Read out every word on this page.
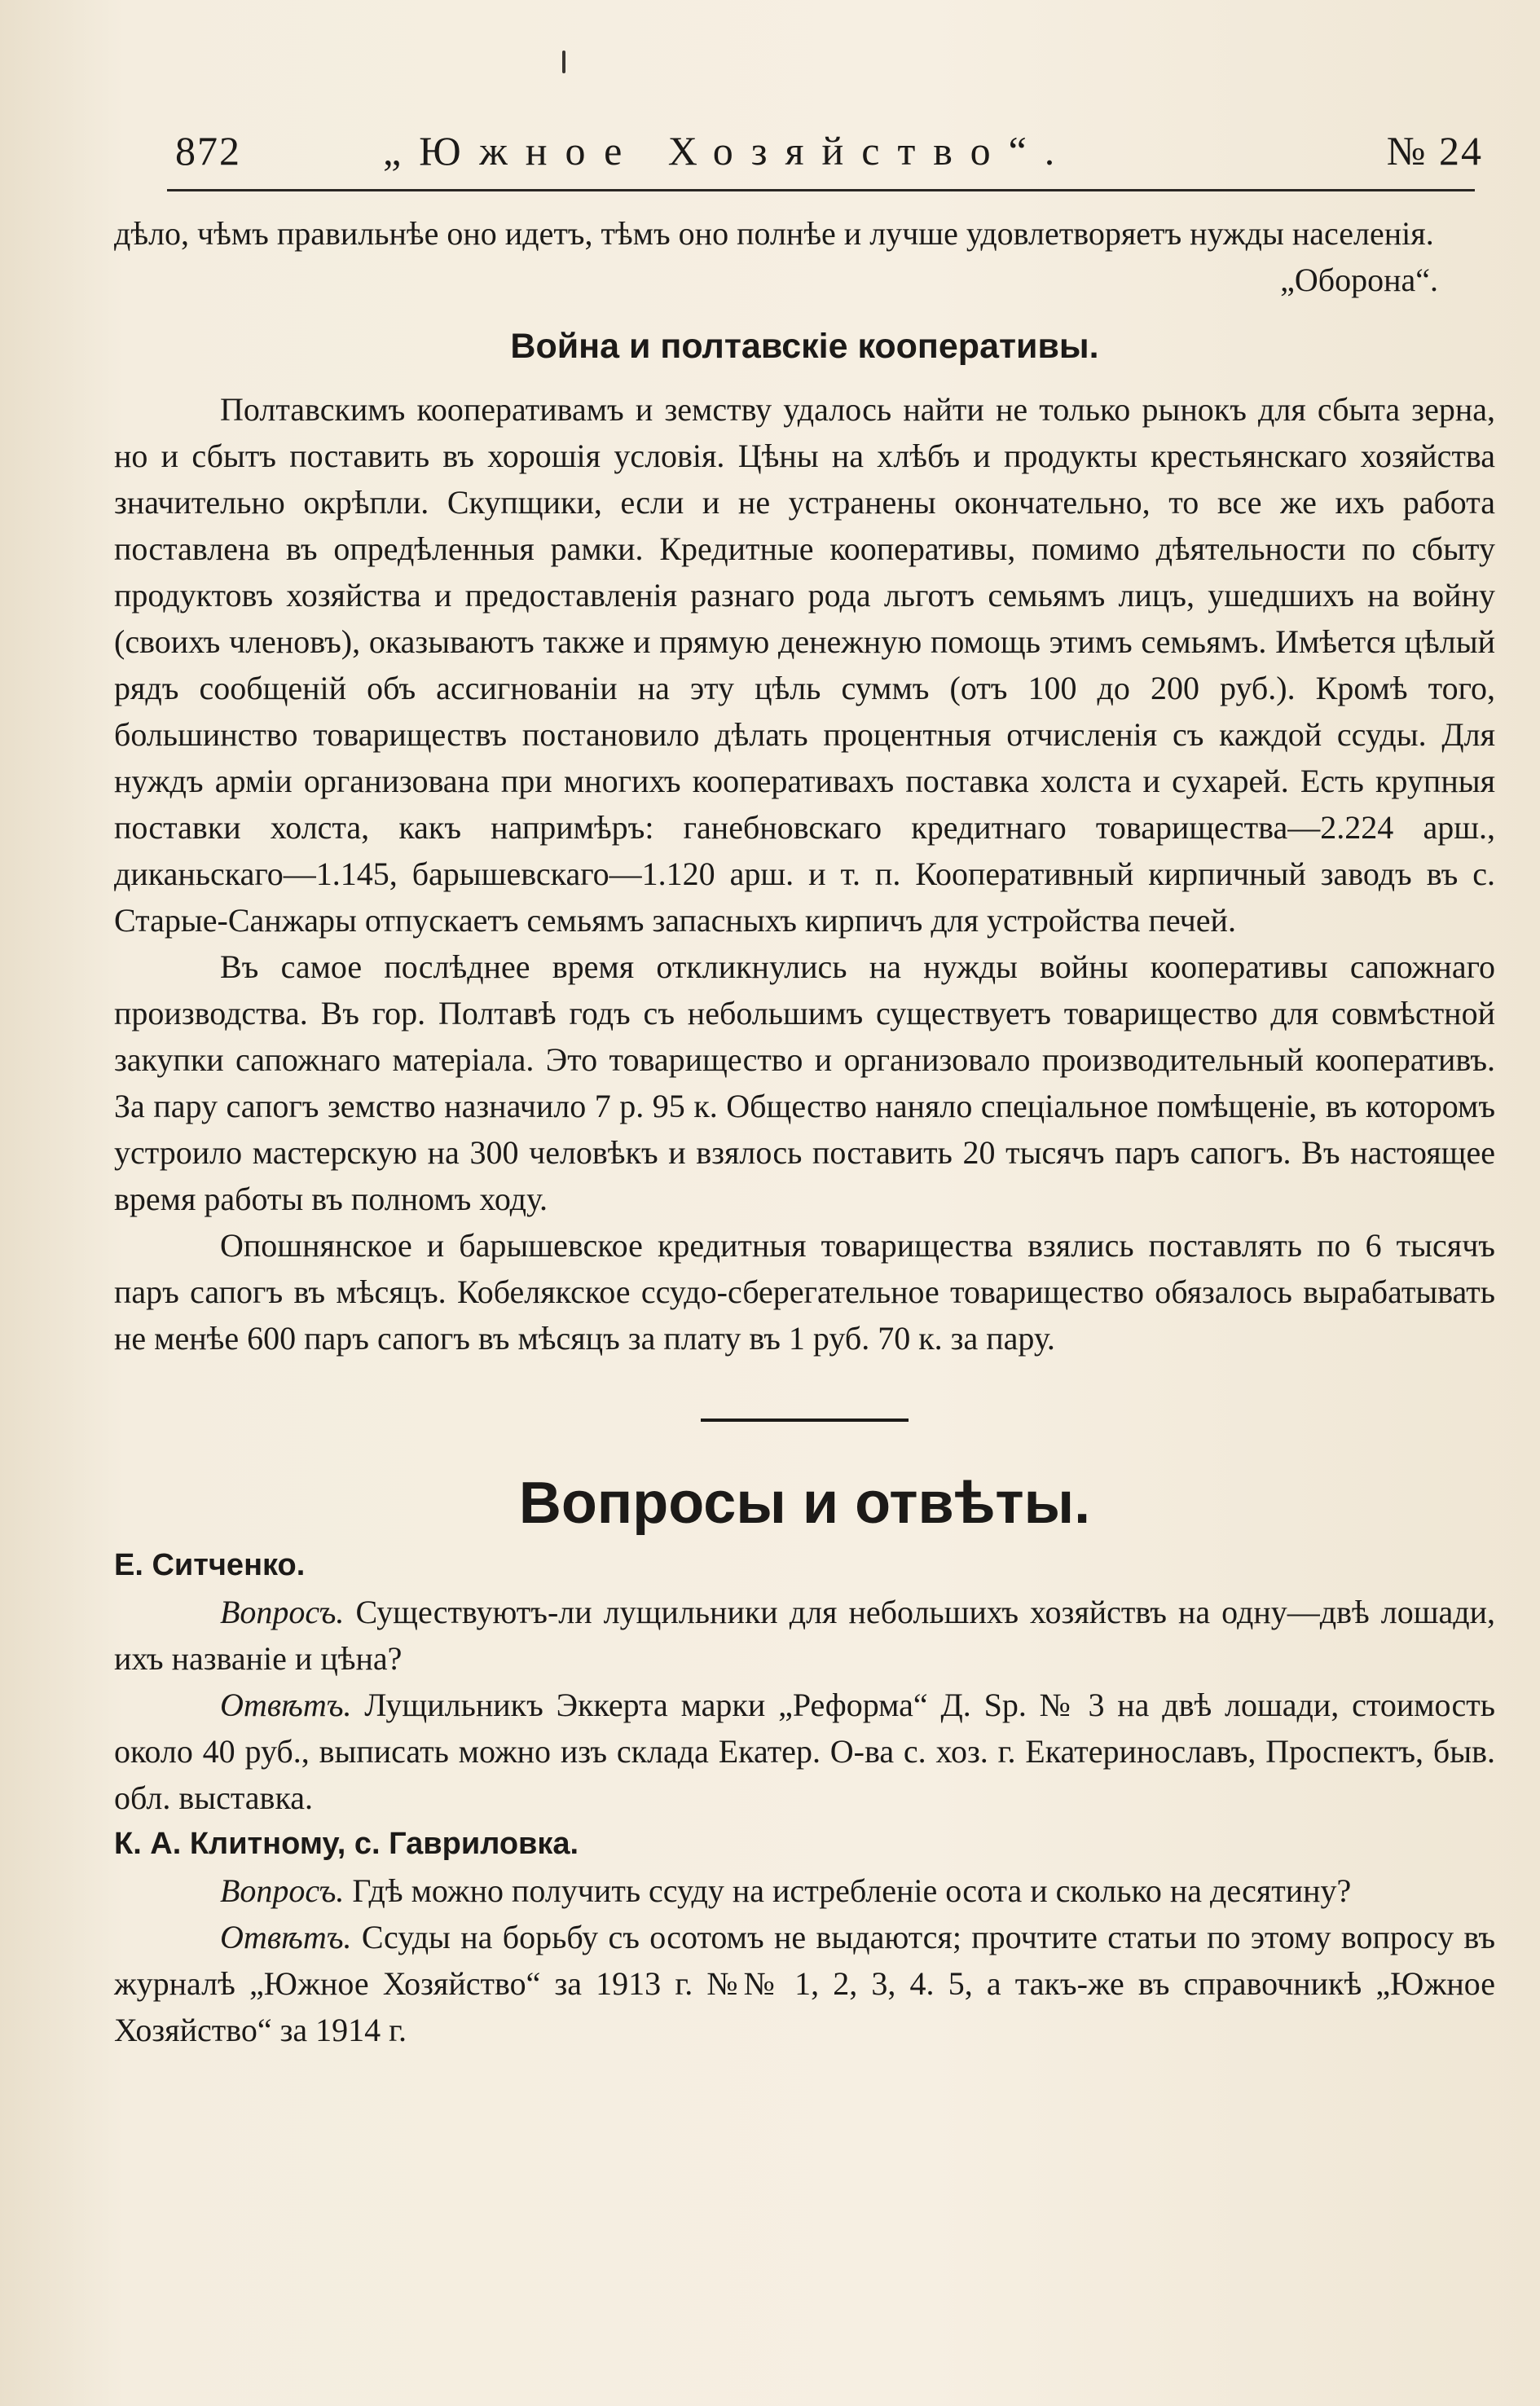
872	„Южное Хозяйство“.	№ 24

дѣло, чѣмъ правильнѣе оно идетъ, тѣмъ оно полнѣе и лучше удовлетворяетъ нужды населенія.

„Оборона“.

Война и полтавскіе кооперативы.

Полтавскимъ кооперативамъ и земству удалось найти не только рынокъ для сбыта зерна, но и сбытъ поставить въ хорошія условія. Цѣны на хлѣбъ и продукты крестьянскаго хозяйства значительно окрѣпли. Скупщики, если и не устранены окончательно, то все же ихъ работа поставлена въ опредѣленныя рамки. Кредитные кооперативы, помимо дѣятельности по сбыту продуктовъ хозяйства и предоставленія разнаго рода льготъ семьямъ лицъ, ушедшихъ на войну (своихъ членовъ), оказываютъ также и прямую денежную помощь этимъ семьямъ. Имѣется цѣлый рядъ сообщеній объ ассигнованіи на эту цѣль суммъ (отъ 100 до 200 руб.). Кромѣ того, большинство товариществъ постановило дѣлать процентныя отчисленія съ каждой ссуды. Для нуждъ арміи организована при многихъ кооперативахъ поставка холста и сухарей. Есть крупныя поставки холста, какъ напримѣръ: ганебновскаго кредитнаго товарищества—2.224 арш., диканьскаго—1.145, барышевскаго—1.120 арш. и т. п. Кооперативный кирпичный заводъ въ с. Старые-Санжары отпускаетъ семьямъ запасныхъ кирпичъ для устройства печей.

Въ самое послѣднее время откликнулись на нужды войны кооперативы сапожнаго производства. Въ гор. Полтавѣ годъ съ небольшимъ существуетъ товарищество для совмѣстной закупки сапожнаго матеріала. Это товарищество и организовало производительный кооперативъ. За пару сапогъ земство назначило 7 р. 95 к. Общество наняло спеціальное помѣщеніе, въ которомъ устроило мастерскую на 300 человѣкъ и взялось поставить 20 тысячъ паръ сапогъ. Въ настоящее время работы въ полномъ ходу.

Опошнянское и барышевское кредитныя товарищества взялись поставлять по 6 тысячъ паръ сапогъ въ мѣсяцъ. Кобелякское ссудо-сберегательное товарищество обязалось вырабатывать не менѣе 600 паръ сапогъ въ мѣсяцъ за плату въ 1 руб. 70 к. за пару.

Вопросы и отвѣты.

Е. Ситченко.

Вопросъ. Существуютъ-ли лущильники для небольшихъ хозяйствъ на одну—двѣ лошади, ихъ названіе и цѣна?

Отвѣтъ. Лущильникъ Эккерта марки „Реформа“ Д. Sp. № 3 на двѣ лошади, стоимость около 40 руб., выписать можно изъ склада Екатер. О-ва с. хоз. г. Екатеринославъ, Проспектъ, быв. обл. выставка.

К. А. Клитному, с. Гавриловка.

Вопросъ. Гдѣ можно получить ссуду на истребленіе осота и сколько на десятину?

Отвѣтъ. Ссуды на борьбу съ осотомъ не выдаются; прочтите статьи по этому вопросу въ журналѣ „Южное Хозяйство“ за 1913 г. №№ 1, 2, 3, 4. 5, а такъ-же въ справочникѣ „Южное Хозяйство“ за 1914 г.
